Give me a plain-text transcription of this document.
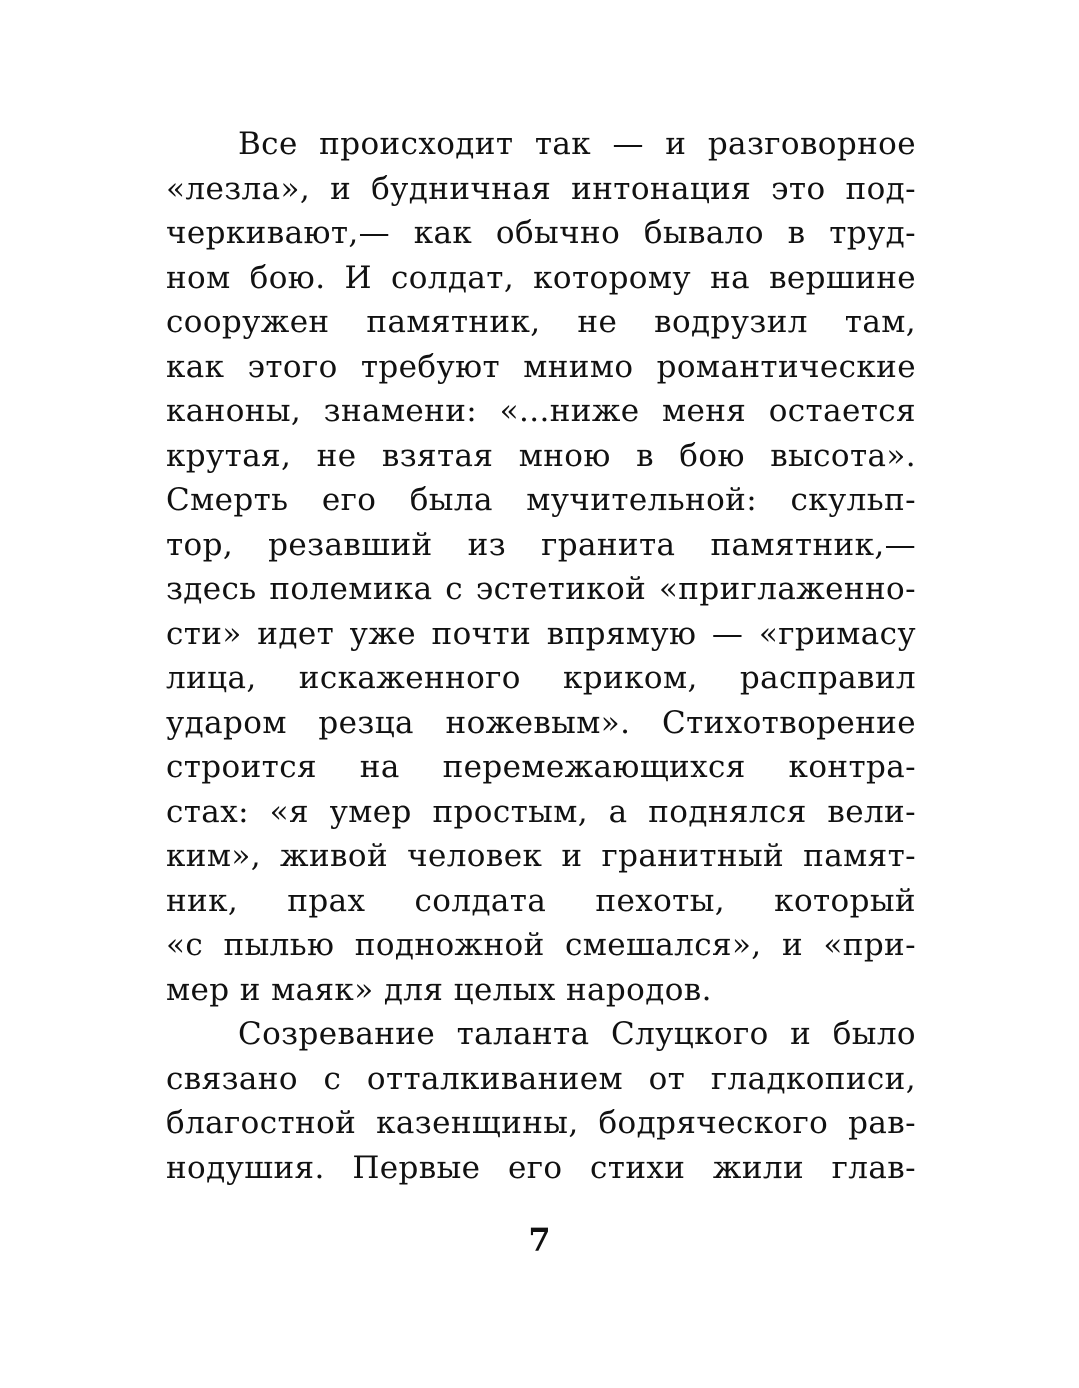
Все происходит так — и разговорное
«лезла», и будничная интонация это под-
черкивают,— как обычно бывало в труд-
ном бою. И солдат, которому на вершине
сооружен памятник, не водрузил там,
как этого требуют мнимо романтические
каноны, знамени: «...ниже меня остается
крутая, не взятая мною в бою высота».
Смерть его была мучительной: скульп-
тор, резавший из гранита памятник,—
здесь полемика с эстетикой «приглаженно-
сти» идет уже почти впрямую — «гримасу
лица, искаженного криком, расправил
ударом резца ножевым». Стихотворение
строится на перемежающихся контра-
стах: «я умер простым, а поднялся вели-
ким», живой человек и гранитный памят-
ник, прах солдата пехоты, который
«с пылью подножной смешался», и «при-
мер и маяк» для целых народов.
Созревание таланта Слуцкого и было
связано с отталкиванием от гладкописи,
благостной казенщины, бодряческого рав-
нодушия. Первые его стихи жили глав-
7
